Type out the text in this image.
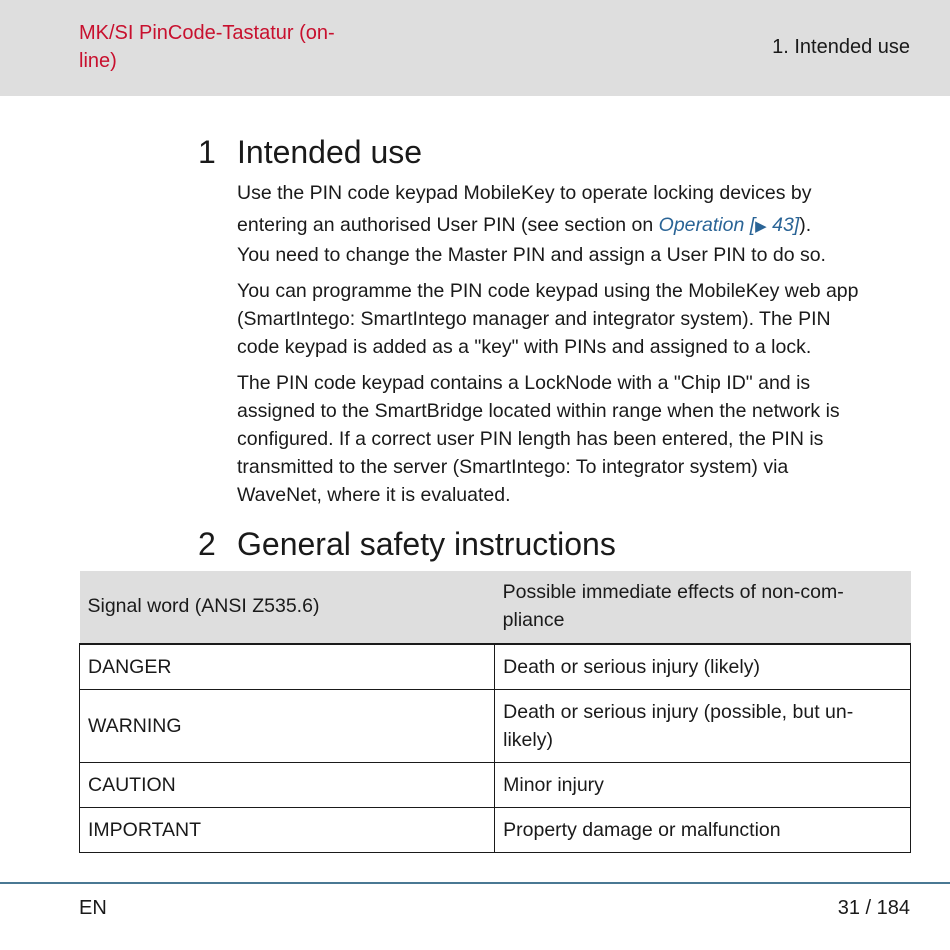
MK/SI PinCode-Tastatur (on-
line)
1. Intended use
1 Intended use
Use the PIN code keypad MobileKey to operate locking devices by
entering an authorised User PIN (see section on Operation [▶ 43]).
You need to change the Master PIN and assign a User PIN to do so.
You can programme the PIN code keypad using the MobileKey web app
(SmartIntego: SmartIntego manager and integrator system). The PIN
code keypad is added as a "key" with PINs and assigned to a lock.
The PIN code keypad contains a LockNode with a "Chip ID" and is
assigned to the SmartBridge located within range when the network is
configured. If a correct user PIN length has been entered, the PIN is
transmitted to the server (SmartIntego: To integrator system) via
WaveNet, where it is evaluated.
2 General safety instructions
Signal word (ANSI Z535.6)	Possible immediate effects of non-com-
pliance

DANGER	Death or serious injury (likely)
WARNING	Death or serious injury (possible, but un-
likely)

CAUTION	Minor injury
IMPORTANT	Property damage or malfunction
EN	31 / 184
